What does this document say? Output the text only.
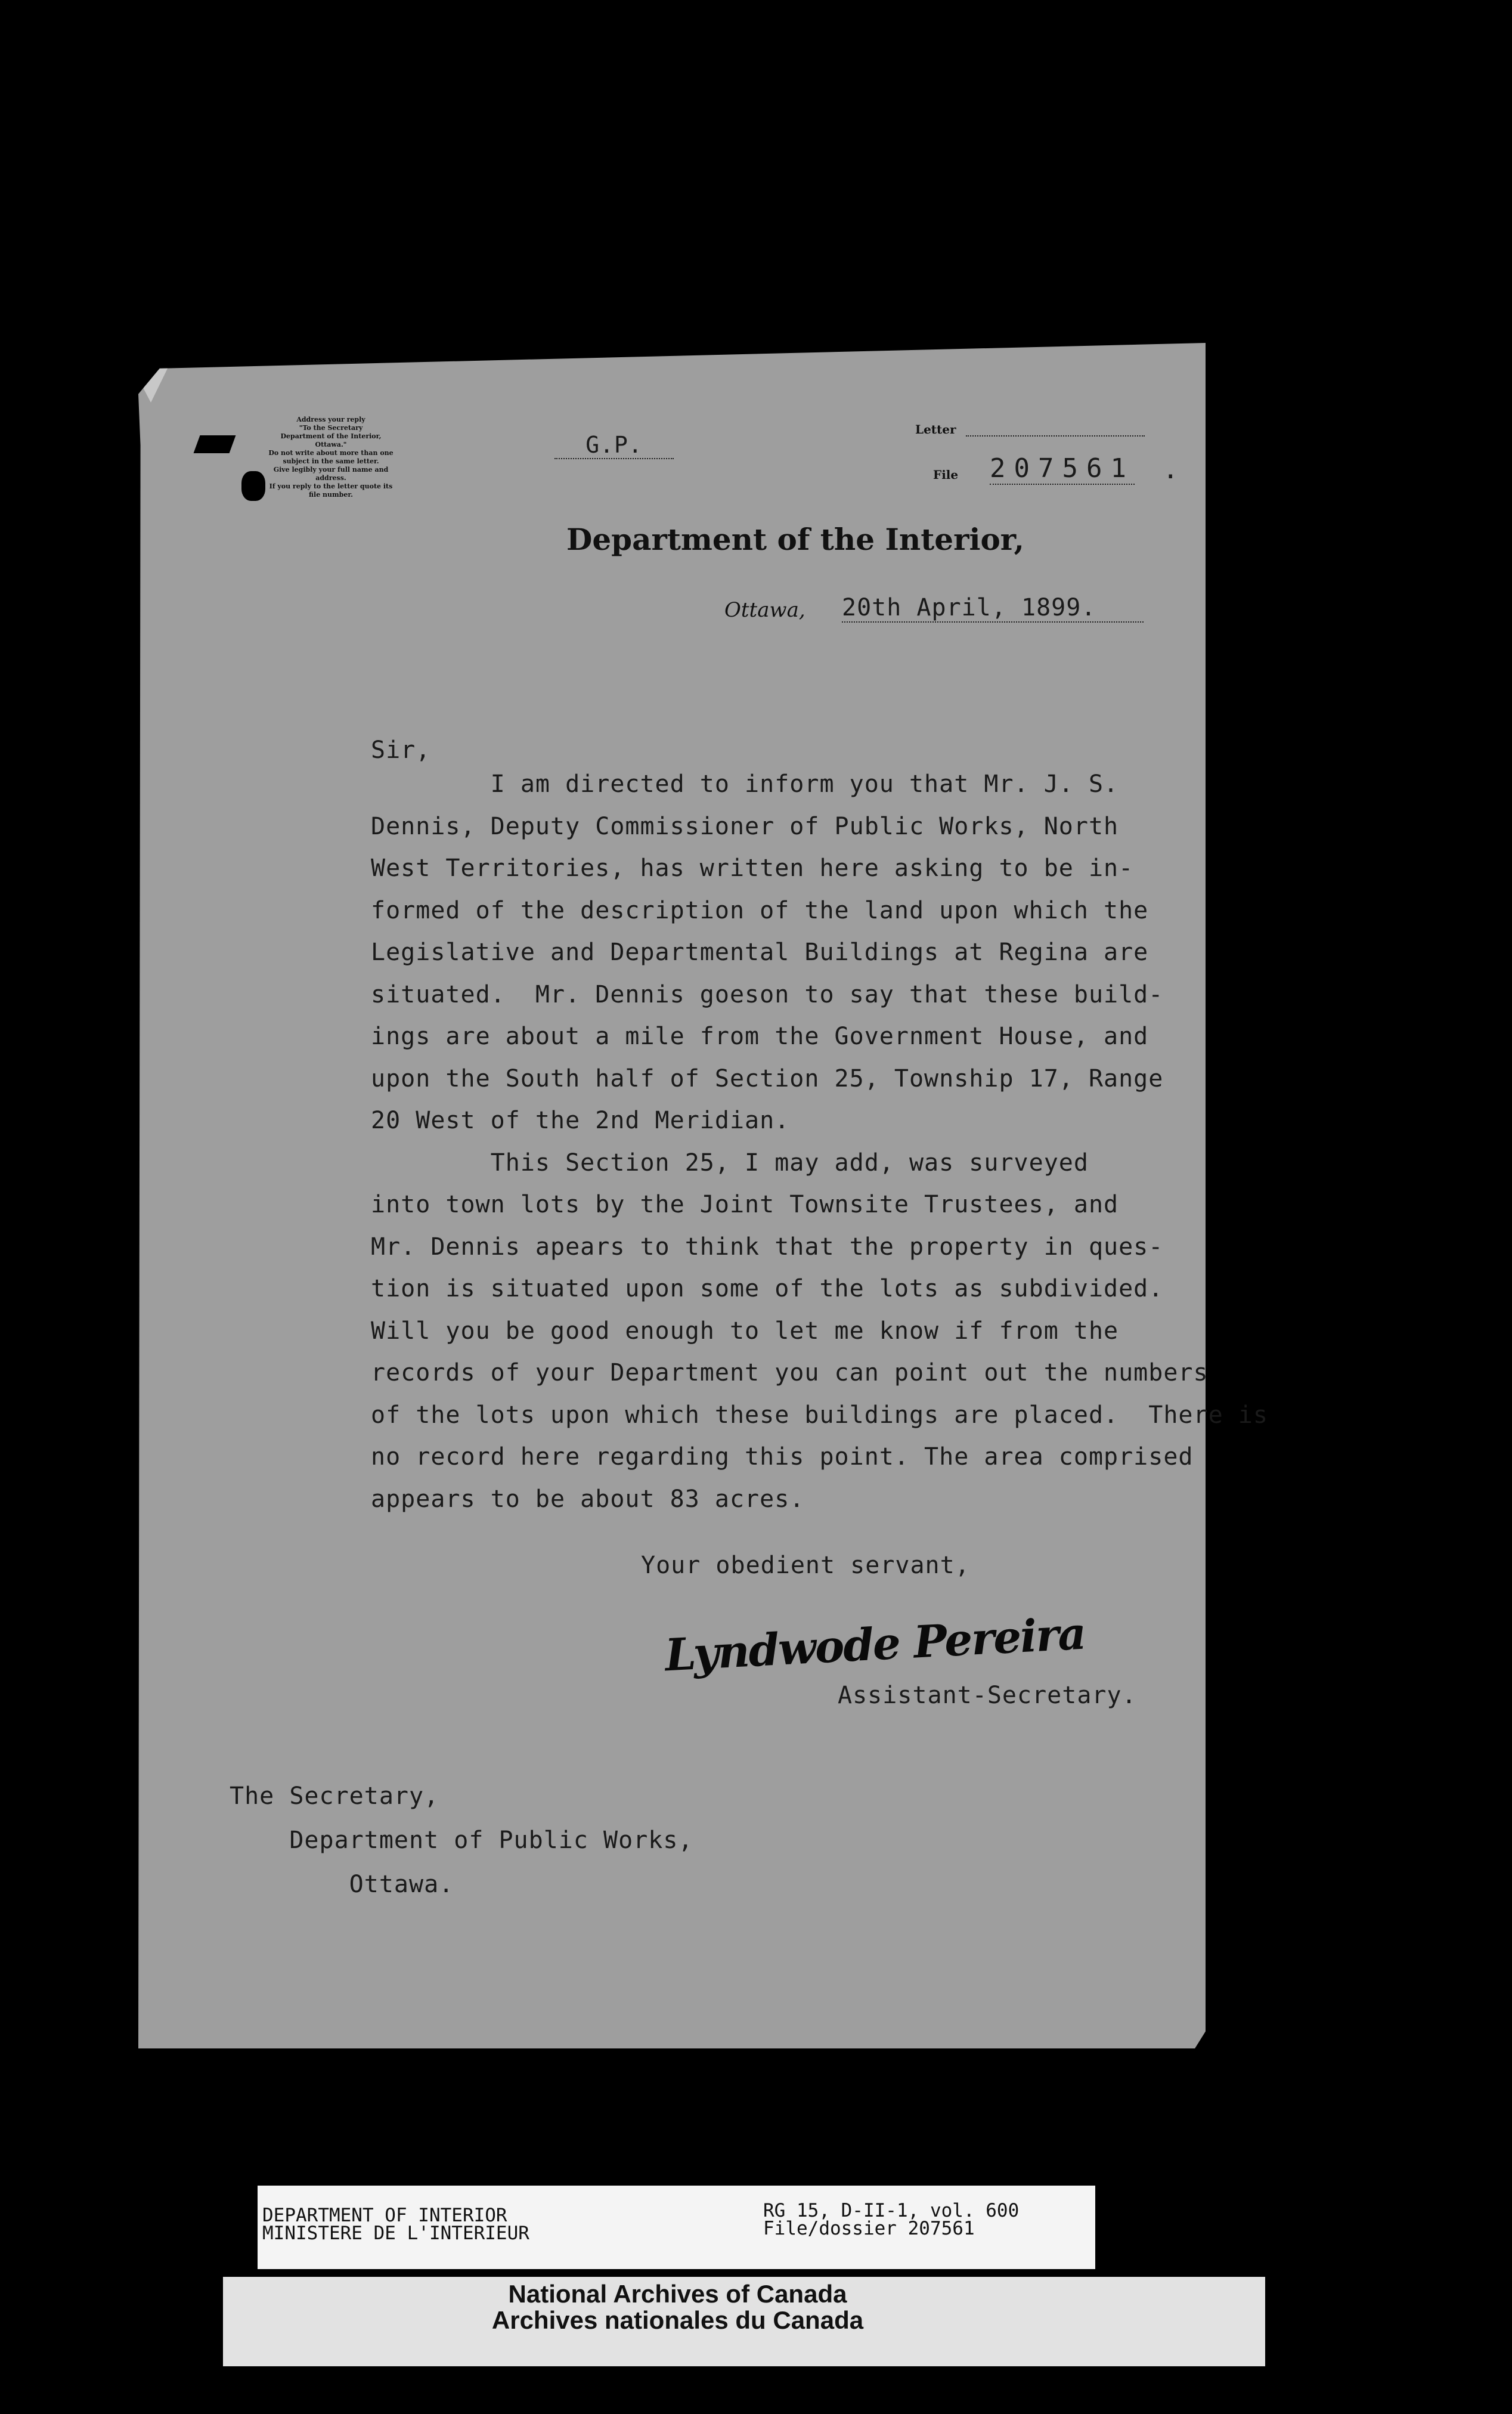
Address your reply
"To the Secretary
Department of the Interior,
Ottawa."
Do not write about more than one
subject in the same letter.
Give legibly your full name and
address.
If you reply to the letter quote its
file number.
G.P.
Letter
File 207561 .
Department of the Interior,
Ottawa, 20th April, 1899.
Sir,
I am directed to inform you that Mr. J. S.
Dennis, Deputy Commissioner of Public Works, North
West Territories, has written here asking to be in-
formed of the description of the land upon which the
Legislative and Departmental Buildings at Regina are
situated.  Mr. Dennis goeson to say that these build-
ings are about a mile from the Government House, and
upon the South half of Section 25, Township 17, Range
20 West of the 2nd Meridian.
This Section 25, I may add, was surveyed
into town lots by the Joint Townsite Trustees, and
Mr. Dennis apears to think that the property in ques-
tion is situated upon some of the lots as subdivided.
Will you be good enough to let me know if from the
records of your Department you can point out the numbers
of the lots upon which these buildings are placed.  There is
no record here regarding this point. The area comprised
appears to be about 83 acres.
Your obedient servant,
Lyndwode Pereira
Assistant-Secretary.
The Secretary,
Department of Public Works,
Ottawa.
DEPARTMENT OF INTERIOR
MINISTERE DE L'INTERIEUR
RG 15, D-II-1, vol. 600
File/dossier 207561
National Archives of Canada
Archives nationales du Canada
